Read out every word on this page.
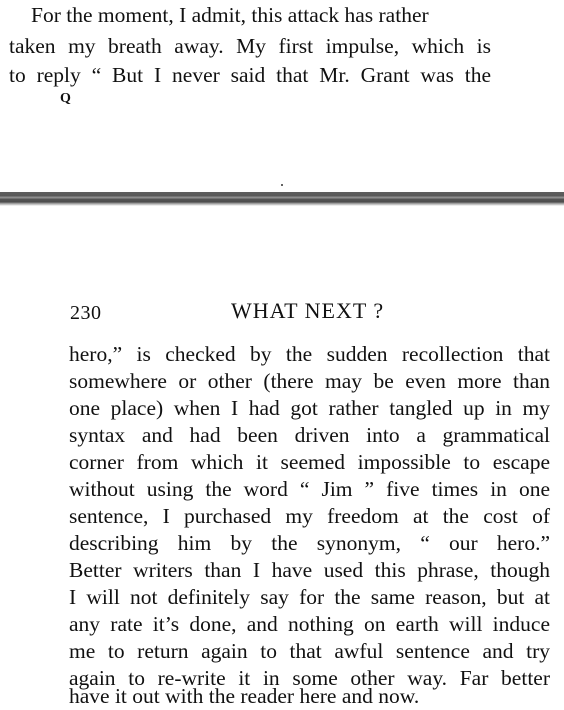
For the moment, I admit, this attack has rather
taken my breath away. My first impulse, which is
to reply “ But I never said that Mr. Grant was the
Q
230	WHAT NEXT ?
hero,” is checked by the sudden recollection that
somewhere or other (there may be even more than
one place) when I had got rather tangled up in my
syntax and had been driven into a grammatical
corner from which it seemed impossible to escape
without using the word “ Jim ” five times in one
sentence, I purchased my freedom at the cost of
describing him by the synonym, “ our hero.”
Better writers than I have used this phrase, though
I will not definitely say for the same reason, but at
any rate it’s done, and nothing on earth will induce
me to return again to that awful sentence and try
again to re-write it in some other way. Far better
have it out with the reader here and now.
